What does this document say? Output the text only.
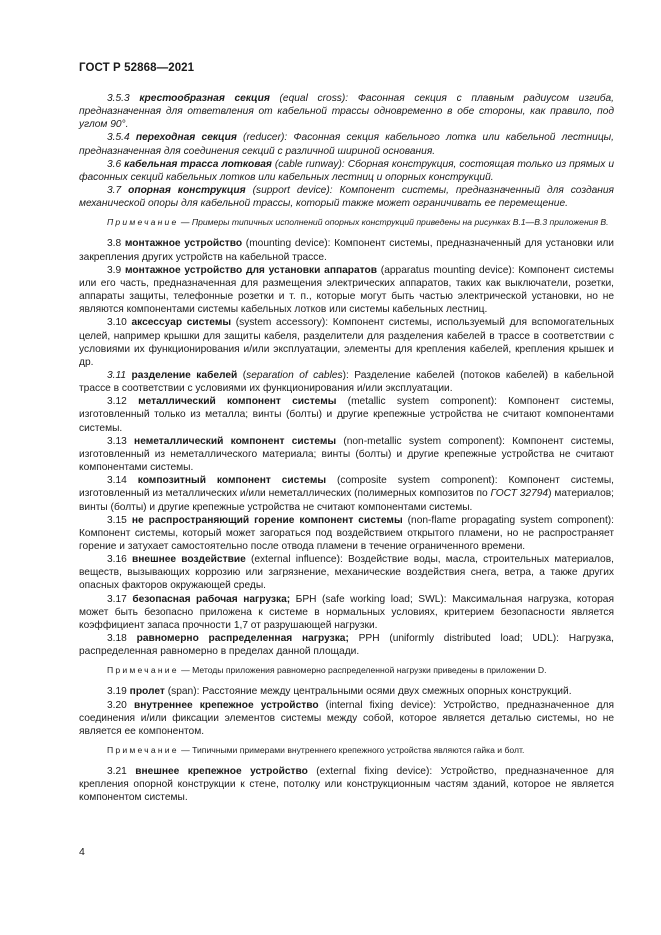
ГОСТ Р 52868—2021

3.5.3 крестообразная секция (equal cross): Фасонная секция с плавным радиусом изгиба, предназначенная для ответвления от кабельной трассы одновременно в обе стороны, как правило, под углом 90°.

3.5.4 переходная секция (reducer): Фасонная секция кабельного лотка или кабельной лестницы, предназначенная для соединения секций с различной шириной основания.

3.6 кабельная трасса лотковая (cable runway): Сборная конструкция, состоящая только из прямых и фасонных секций кабельных лотков или кабельных лестниц и опорных конструкций.

3.7 опорная конструкция (support device): Компонент системы, предназначенный для создания механической опоры для кабельной трассы, который также может ограничивать ее перемещение.

Примечание — Примеры типичных исполнений опорных конструкций приведены на рисунках В.1—В.3 приложения В.

3.8 монтажное устройство (mounting device): Компонент системы, предназначенный для установки или закрепления других устройств на кабельной трассе.

3.9 монтажное устройство для установки аппаратов (apparatus mounting device): Компонент системы или его часть, предназначенная для размещения электрических аппаратов, таких как выключатели, розетки, аппараты защиты, телефонные розетки и т. п., которые могут быть частью электрической установки, но не являются компонентами системы кабельных лотков или системы кабельных лестниц.

3.10 аксессуар системы (system accessory): Компонент системы, используемый для вспомогательных целей, например крышки для защиты кабеля, разделители для разделения кабелей в трассе в соответствии с условиями их функционирования и/или эксплуатации, элементы для крепления кабелей, крепления крышек и др.

3.11 разделение кабелей (separation of cables): Разделение кабелей (потоков кабелей) в кабельной трассе в соответствии с условиями их функционирования и/или эксплуатации.

3.12 металлический компонент системы (metallic system component): Компонент системы, изготовленный только из металла; винты (болты) и другие крепежные устройства не считают компонентами системы.

3.13 неметаллический компонент системы (non-metallic system component): Компонент системы, изготовленный из неметаллического материала; винты (болты) и другие крепежные устройства не считают компонентами системы.

3.14 композитный компонент системы (composite system component): Компонент системы, изготовленный из металлических и/или неметаллических (полимерных композитов по ГОСТ 32794) материалов; винты (болты) и другие крепежные устройства не считают компонентами системы.

3.15 не распространяющий горение компонент системы (non-flame propagating system component): Компонент системы, который может загораться под воздействием открытого пламени, но не распространяет горение и затухает самостоятельно после отвода пламени в течение ограниченного времени.

3.16 внешнее воздействие (external influence): Воздействие воды, масла, строительных материалов, веществ, вызывающих коррозию или загрязнение, механические воздействия снега, ветра, а также других опасных факторов окружающей среды.

3.17 безопасная рабочая нагрузка; БРН (safe working load; SWL): Максимальная нагрузка, которая может быть безопасно приложена к системе в нормальных условиях, критерием безопасности является коэффициент запаса прочности 1,7 от разрушающей нагрузки.

3.18 равномерно распределенная нагрузка; РРН (uniformly distributed load; UDL): Нагрузка, распределенная равномерно в пределах данной площади.

Примечание — Методы приложения равномерно распределенной нагрузки приведены в приложении D.

3.19 пролет (span): Расстояние между центральными осями двух смежных опорных конструкций.

3.20 внутреннее крепежное устройство (internal fixing device): Устройство, предназначенное для соединения и/или фиксации элементов системы между собой, которое является деталью системы, но не является ее компонентом.

Примечание — Типичными примерами внутреннего крепежного устройства являются гайка и болт.

3.21 внешнее крепежное устройство (external fixing device): Устройство, предназначенное для крепления опорной конструкции к стене, потолку или конструкционным частям зданий, которое не является компонентом системы.

4
